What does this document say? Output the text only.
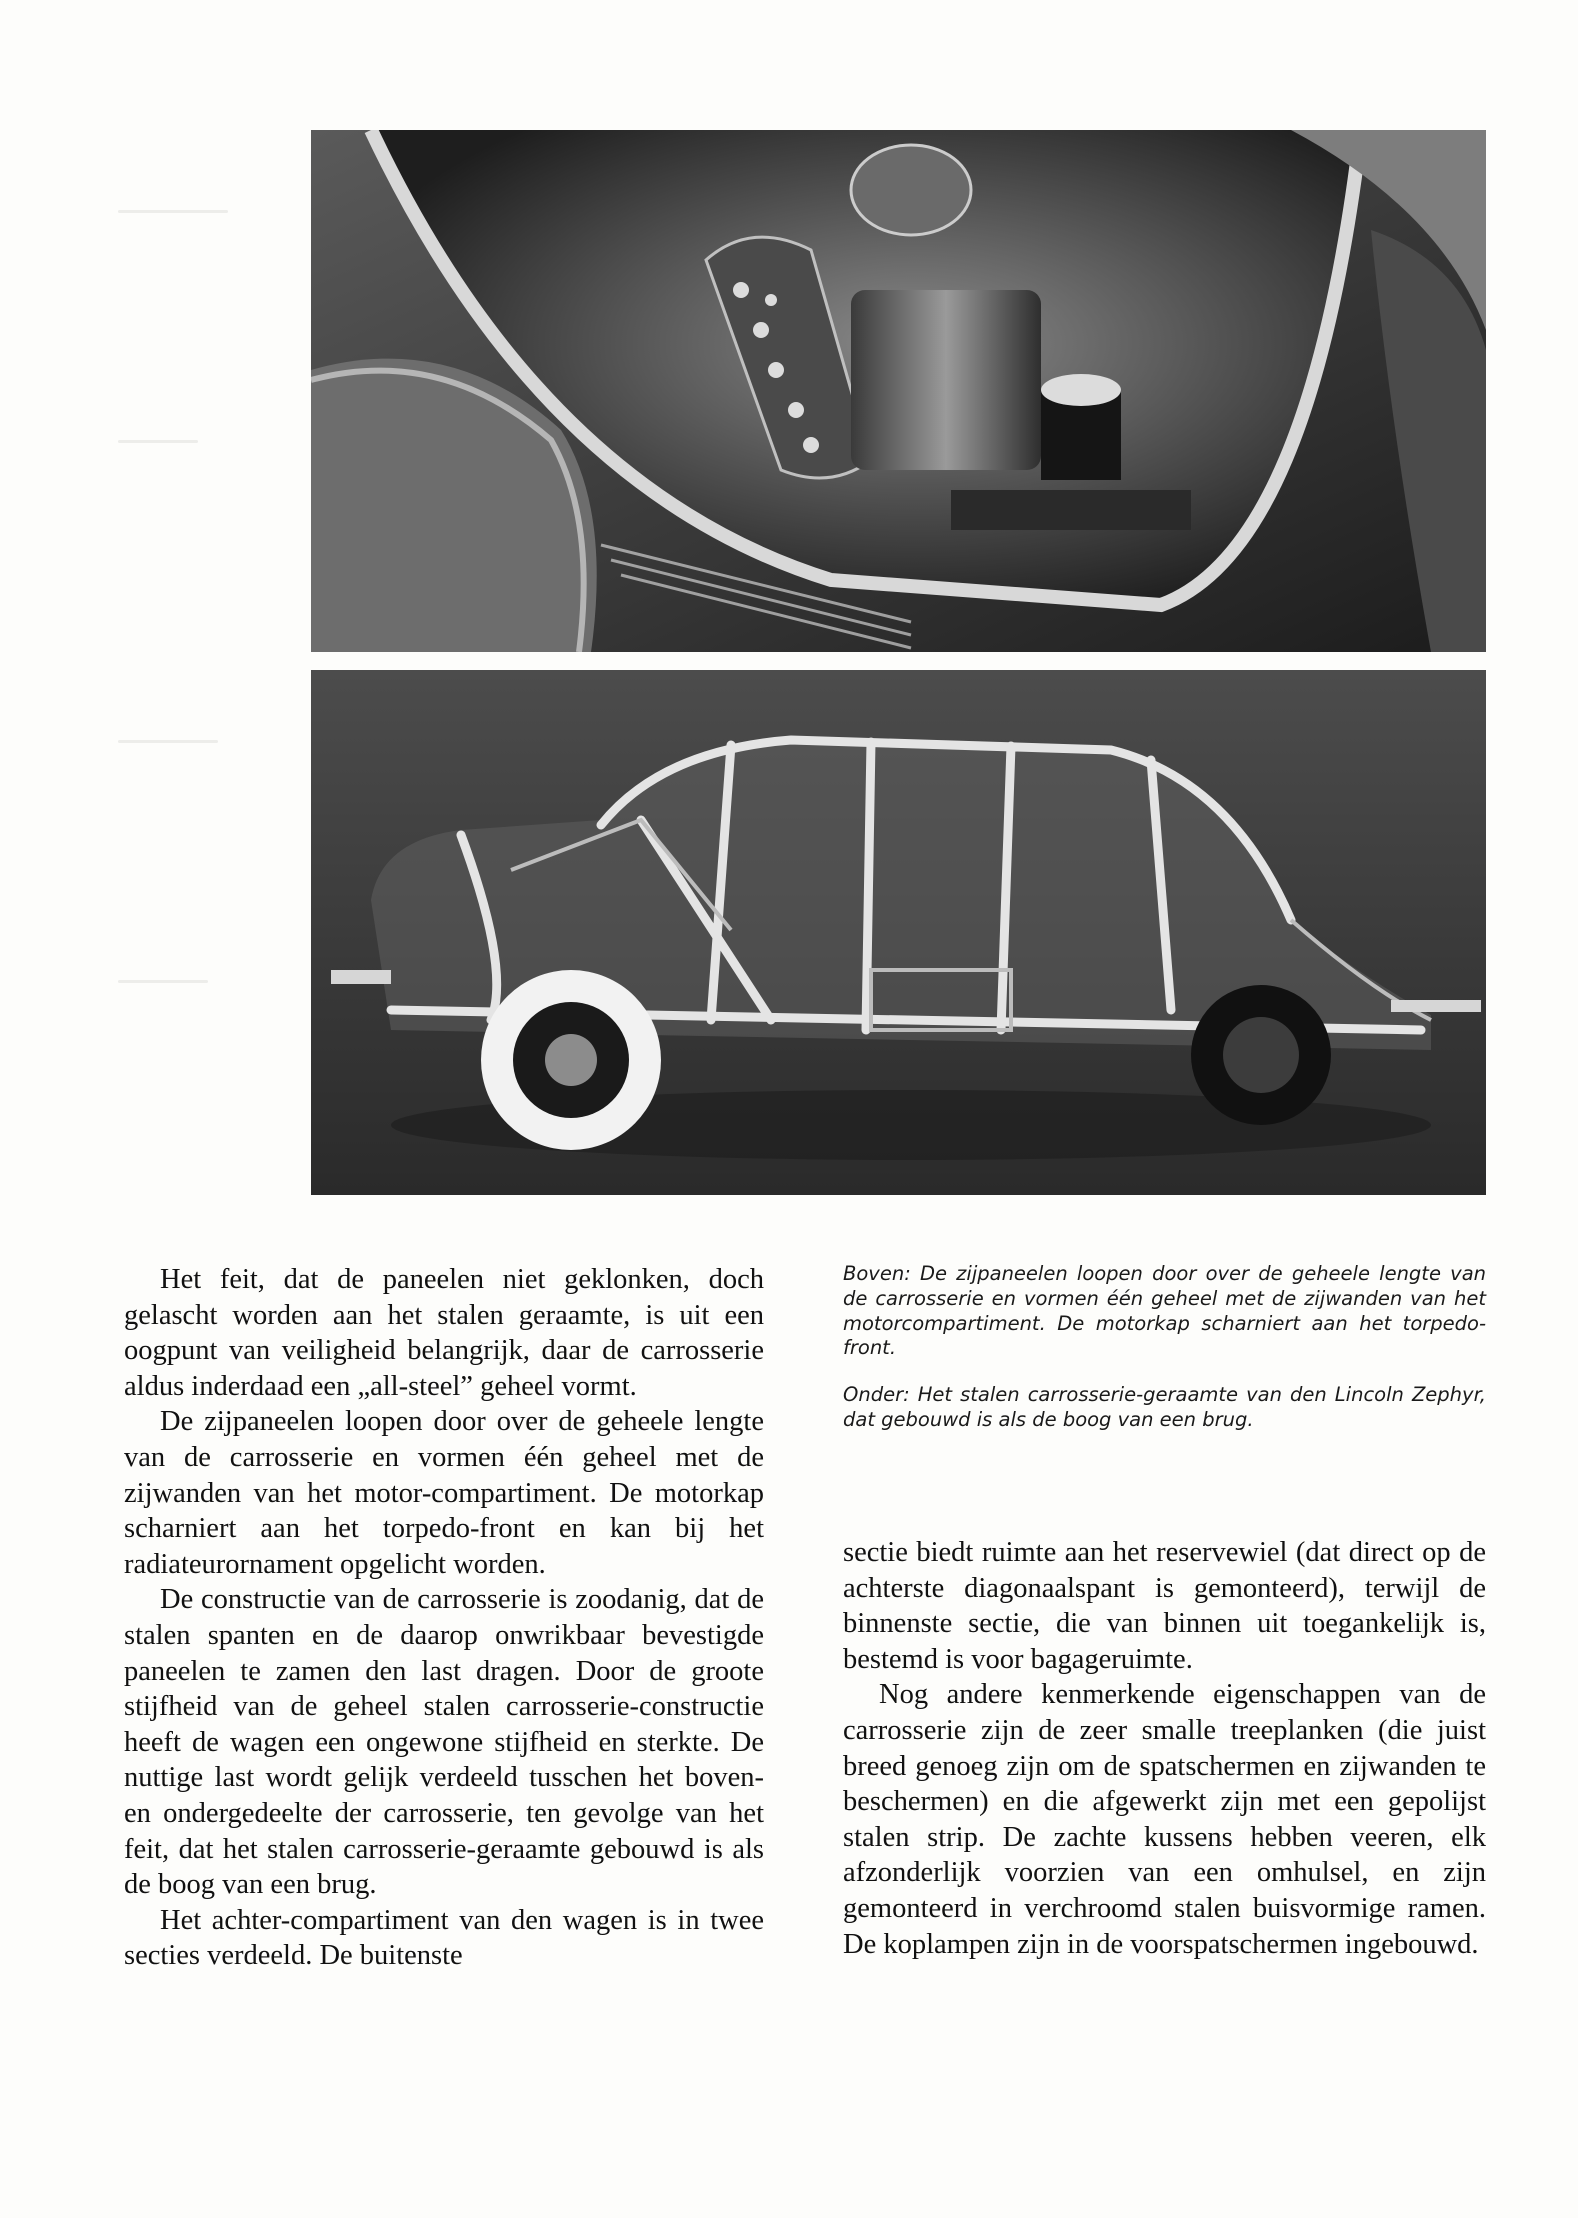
Het feit, dat de paneelen niet geklonken, doch gelascht worden aan het stalen geraamte, is uit een oogpunt van veiligheid belangrijk, daar de carrosserie aldus inderdaad een „all-steel” geheel vormt.

De zijpaneelen loopen door over de geheele lengte van de carrosserie en vormen één geheel met de zijwanden van het motor-compartiment. De motorkap scharniert aan het torpedo-front en kan bij het radiateurornament opgelicht worden.

De constructie van de carrosserie is zoodanig, dat de stalen spanten en de daarop onwrikbaar bevestigde paneelen te zamen den last dragen. Door de groote stijfheid van de geheel stalen carrosserie-constructie heeft de wagen een ongewone stijfheid en sterkte. De nuttige last wordt gelijk verdeeld tusschen het boven- en ondergedeelte der carrosserie, ten gevolge van het feit, dat het stalen carrosserie-geraamte gebouwd is als de boog van een brug.

Het achter-compartiment van den wagen is in twee secties verdeeld. De buitenste

Boven: De zijpaneelen loopen door over de geheele lengte van de carrosserie en vormen één geheel met de zijwanden van het motorcompartiment. De motorkap scharniert aan het torpedo-front.

Onder: Het stalen carrosserie-geraamte van den Lincoln Zephyr, dat gebouwd is als de boog van een brug.

sectie biedt ruimte aan het reservewiel (dat direct op de achterste diagonaalspant is gemonteerd), terwijl de binnenste sectie, die van binnen uit toegankelijk is, bestemd is voor bagageruimte.

Nog andere kenmerkende eigenschappen van de carrosserie zijn de zeer smalle treeplanken (die juist breed genoeg zijn om de spatschermen en zijwanden te beschermen) en die afgewerkt zijn met een gepolijst stalen strip. De zachte kussens hebben veeren, elk afzonderlijk voorzien van een omhulsel, en zijn gemonteerd in verchroomd stalen buisvormige ramen. De koplampen zijn in de voorspatschermen ingebouwd.
